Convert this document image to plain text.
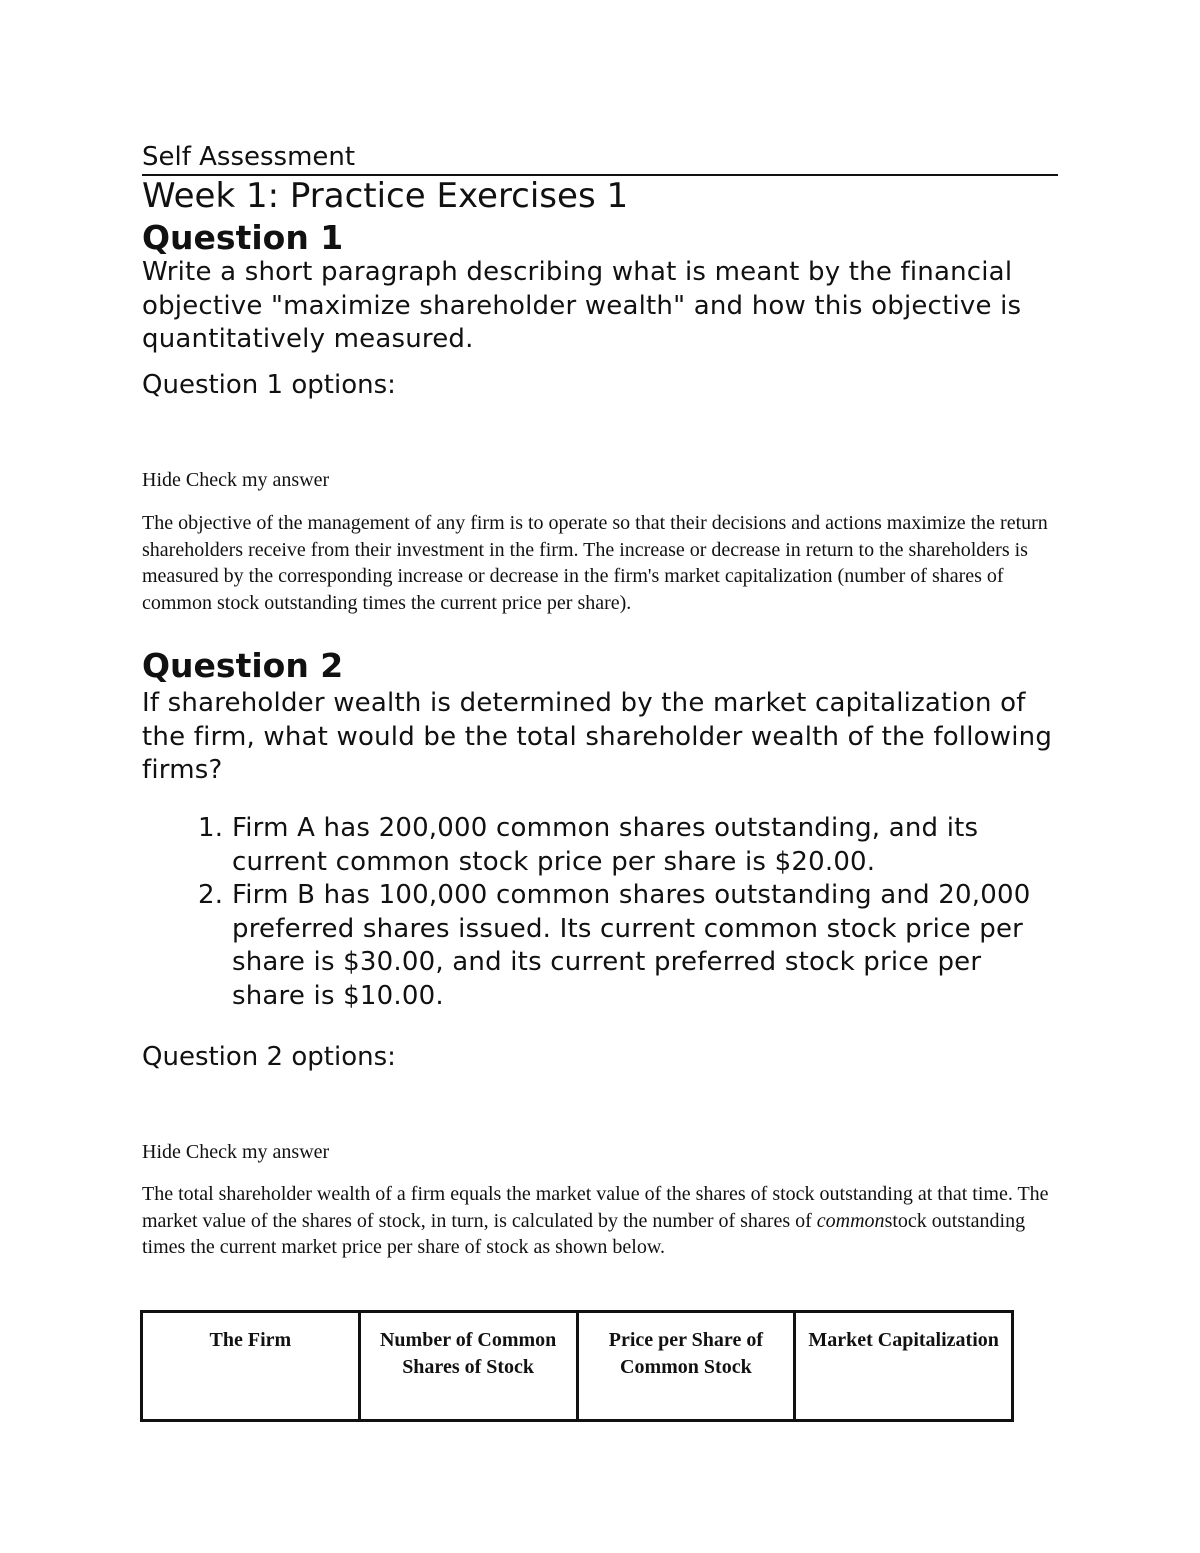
Self Assessment
Week 1: Practice Exercises 1
Question 1
Write a short paragraph describing what is meant by the financial objective "maximize shareholder wealth" and how this objective is quantitatively measured.
Question 1 options:
Hide Check my answer
The objective of the management of any firm is to operate so that their decisions and actions maximize the return shareholders receive from their investment in the firm. The increase or decrease in return to the shareholders is measured by the corresponding increase or decrease in the firm's market capitalization (number of shares of common stock outstanding times the current price per share).
Question 2
If shareholder wealth is determined by the market capitalization of the firm, what would be the total shareholder wealth of the following firms?
1. Firm A has 200,000 common shares outstanding, and its current common stock price per share is $20.00.
2. Firm B has 100,000 common shares outstanding and 20,000 preferred shares issued. Its current common stock price per share is $30.00, and its current preferred stock price per share is $10.00.
Question 2 options:
Hide Check my answer
The total shareholder wealth of a firm equals the market value of the shares of stock outstanding at that time. The market value of the shares of stock, in turn, is calculated by the number of shares of commonstock outstanding times the current market price per share of stock as shown below.
The Firm	Number of Common Shares of Stock	Price per Share of Common Stock	Market Capitalization
